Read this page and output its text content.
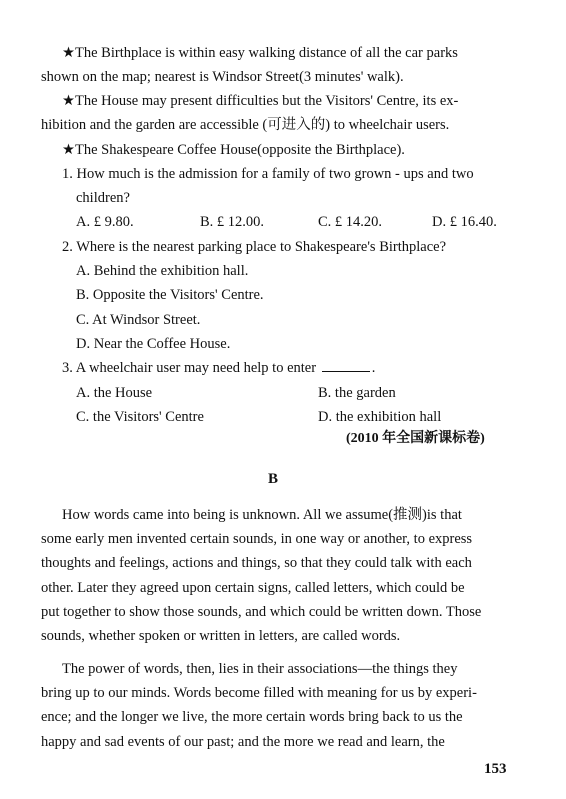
★The Birthplace is within easy walking distance of all the car parks
shown on the map; nearest is Windsor Street(3 minutes' walk).
★The House may present difficulties but the Visitors' Centre, its ex-
hibition and the garden are accessible (可进入的) to wheelchair users.
★The Shakespeare Coffee House(opposite the Birthplace).
1. How much is the admission for a family of two grown - ups and two
children?
A. £ 9.80.	B. £ 12.00.	C. £ 14.20.	D. £ 16.40.
2. Where is the nearest parking place to Shakespeare's Birthplace?
A. Behind the exhibition hall.
B. Opposite the Visitors' Centre.
C. At Windsor Street.
D. Near the Coffee House.
3. A wheelchair user may need help to enter	.
A. the House	B. the garden
C. the Visitors' Centre	D. the exhibition hall
(2010 年全国新课标卷)
B
How words came into being is unknown. All we assume(推测)is that
some early men invented certain sounds, in one way or another, to express
thoughts and feelings, actions and things, so that they could talk with each
other. Later they agreed upon certain signs, called letters, which could be
put together to show those sounds, and which could be written down. Those
sounds, whether spoken or written in letters, are called words.
The power of words, then, lies in their associations—the things they
bring up to our minds. Words become filled with meaning for us by experi-
ence; and the longer we live, the more certain words bring back to us the
happy and sad events of our past; and the more we read and learn, the
153
